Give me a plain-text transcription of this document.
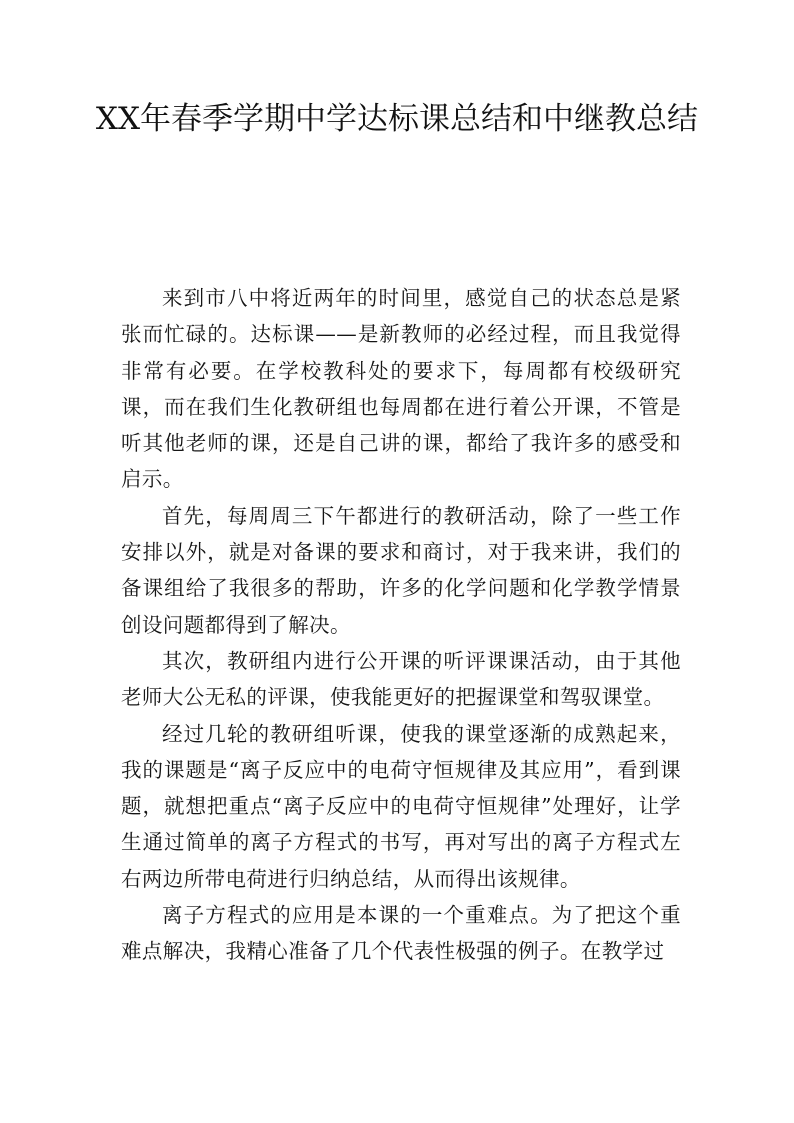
XX年春季学期中学达标课总结和中继教总结

来到市八中将近两年的时间里，感觉自己的状态总是紧张而忙碌的。达标课——是新教师的必经过程，而且我觉得非常有必要。在学校教科处的要求下，每周都有校级研究课，而在我们生化教研组也每周都在进行着公开课，不管是听其他老师的课，还是自己讲的课，都给了我许多的感受和启示。

首先，每周周三下午都进行的教研活动，除了一些工作安排以外，就是对备课的要求和商讨，对于我来讲，我们的备课组给了我很多的帮助，许多的化学问题和化学教学情景创设问题都得到了解决。

其次，教研组内进行公开课的听评课课活动，由于其他老师大公无私的评课，使我能更好的把握课堂和驾驭课堂。

经过几轮的教研组听课，使我的课堂逐渐的成熟起来，我的课题是“离子反应中的电荷守恒规律及其应用”，看到课题，就想把重点“离子反应中的电荷守恒规律”处理好，让学生通过简单的离子方程式的书写，再对写出的离子方程式左右两边所带电荷进行归纳总结，从而得出该规律。

离子方程式的应用是本课的一个重难点。为了把这个重难点解决，我精心准备了几个代表性极强的例子。在教学过
